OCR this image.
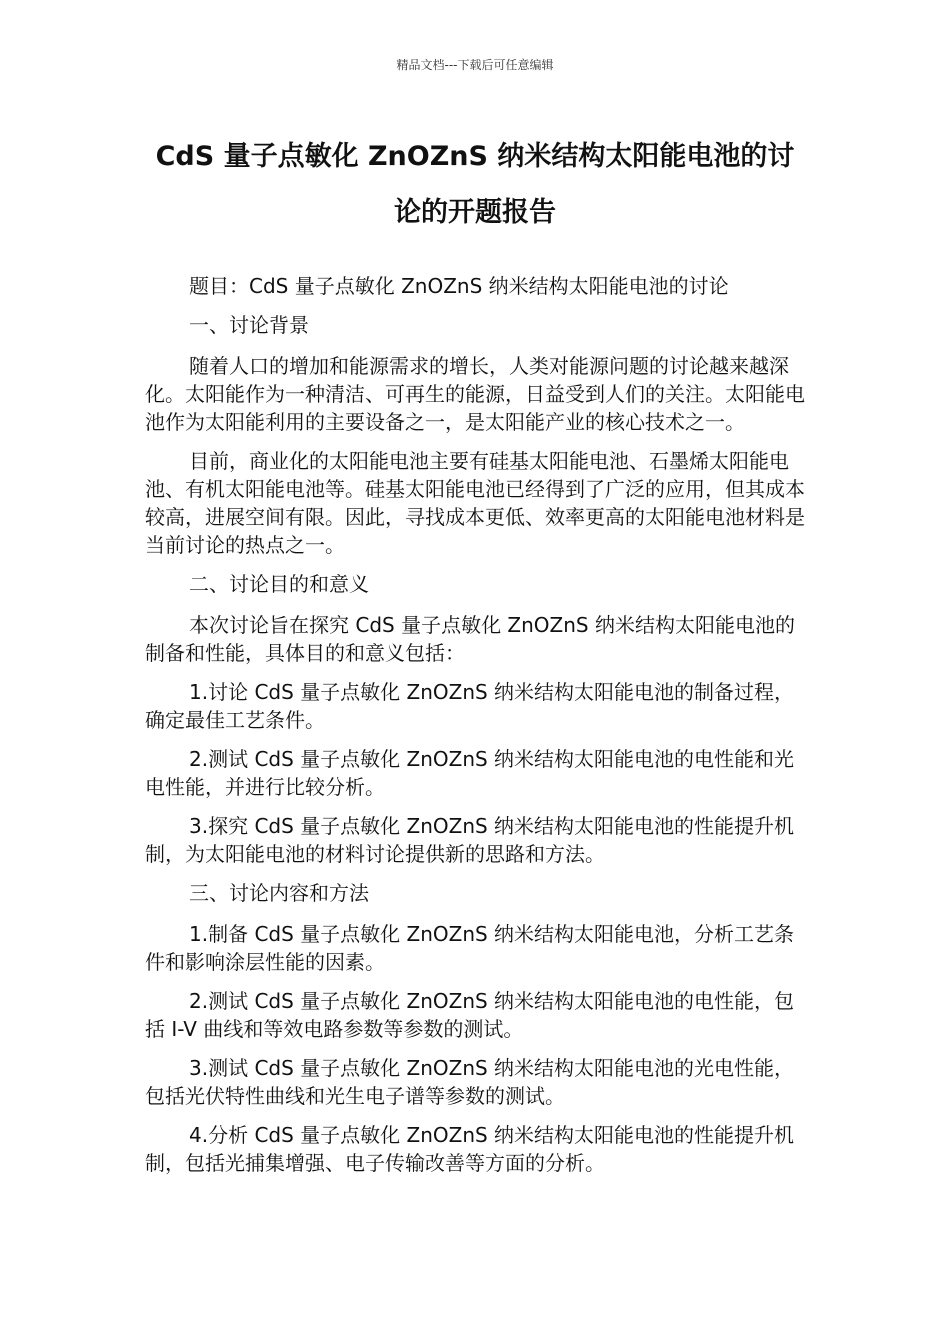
精品文档---下载后可任意编辑
CdS 量子点敏化 ZnOZnS 纳米结构太阳能电池的讨论的开题报告

题目：CdS 量子点敏化 ZnOZnS 纳米结构太阳能电池的讨论

一、讨论背景

随着人口的增加和能源需求的增长，人类对能源问题的讨论越来越深化。太阳能作为一种清洁、可再生的能源，日益受到人们的关注。太阳能电池作为太阳能利用的主要设备之一，是太阳能产业的核心技术之一。

目前，商业化的太阳能电池主要有硅基太阳能电池、石墨烯太阳能电池、有机太阳能电池等。硅基太阳能电池已经得到了广泛的应用，但其成本较高，进展空间有限。因此，寻找成本更低、效率更高的太阳能电池材料是当前讨论的热点之一。

二、讨论目的和意义

本次讨论旨在探究 CdS 量子点敏化 ZnOZnS 纳米结构太阳能电池的制备和性能，具体目的和意义包括：

1.讨论 CdS 量子点敏化 ZnOZnS 纳米结构太阳能电池的制备过程，确定最佳工艺条件。

2.测试 CdS 量子点敏化 ZnOZnS 纳米结构太阳能电池的电性能和光电性能，并进行比较分析。

3.探究 CdS 量子点敏化 ZnOZnS 纳米结构太阳能电池的性能提升机制，为太阳能电池的材料讨论提供新的思路和方法。

三、讨论内容和方法

1.制备 CdS 量子点敏化 ZnOZnS 纳米结构太阳能电池，分析工艺条件和影响涂层性能的因素。

2.测试 CdS 量子点敏化 ZnOZnS 纳米结构太阳能电池的电性能，包括 I-V 曲线和等效电路参数等参数的测试。

3.测试 CdS 量子点敏化 ZnOZnS 纳米结构太阳能电池的光电性能，包括光伏特性曲线和光生电子谱等参数的测试。

4.分析 CdS 量子点敏化 ZnOZnS 纳米结构太阳能电池的性能提升机制，包括光捕集增强、电子传输改善等方面的分析。
